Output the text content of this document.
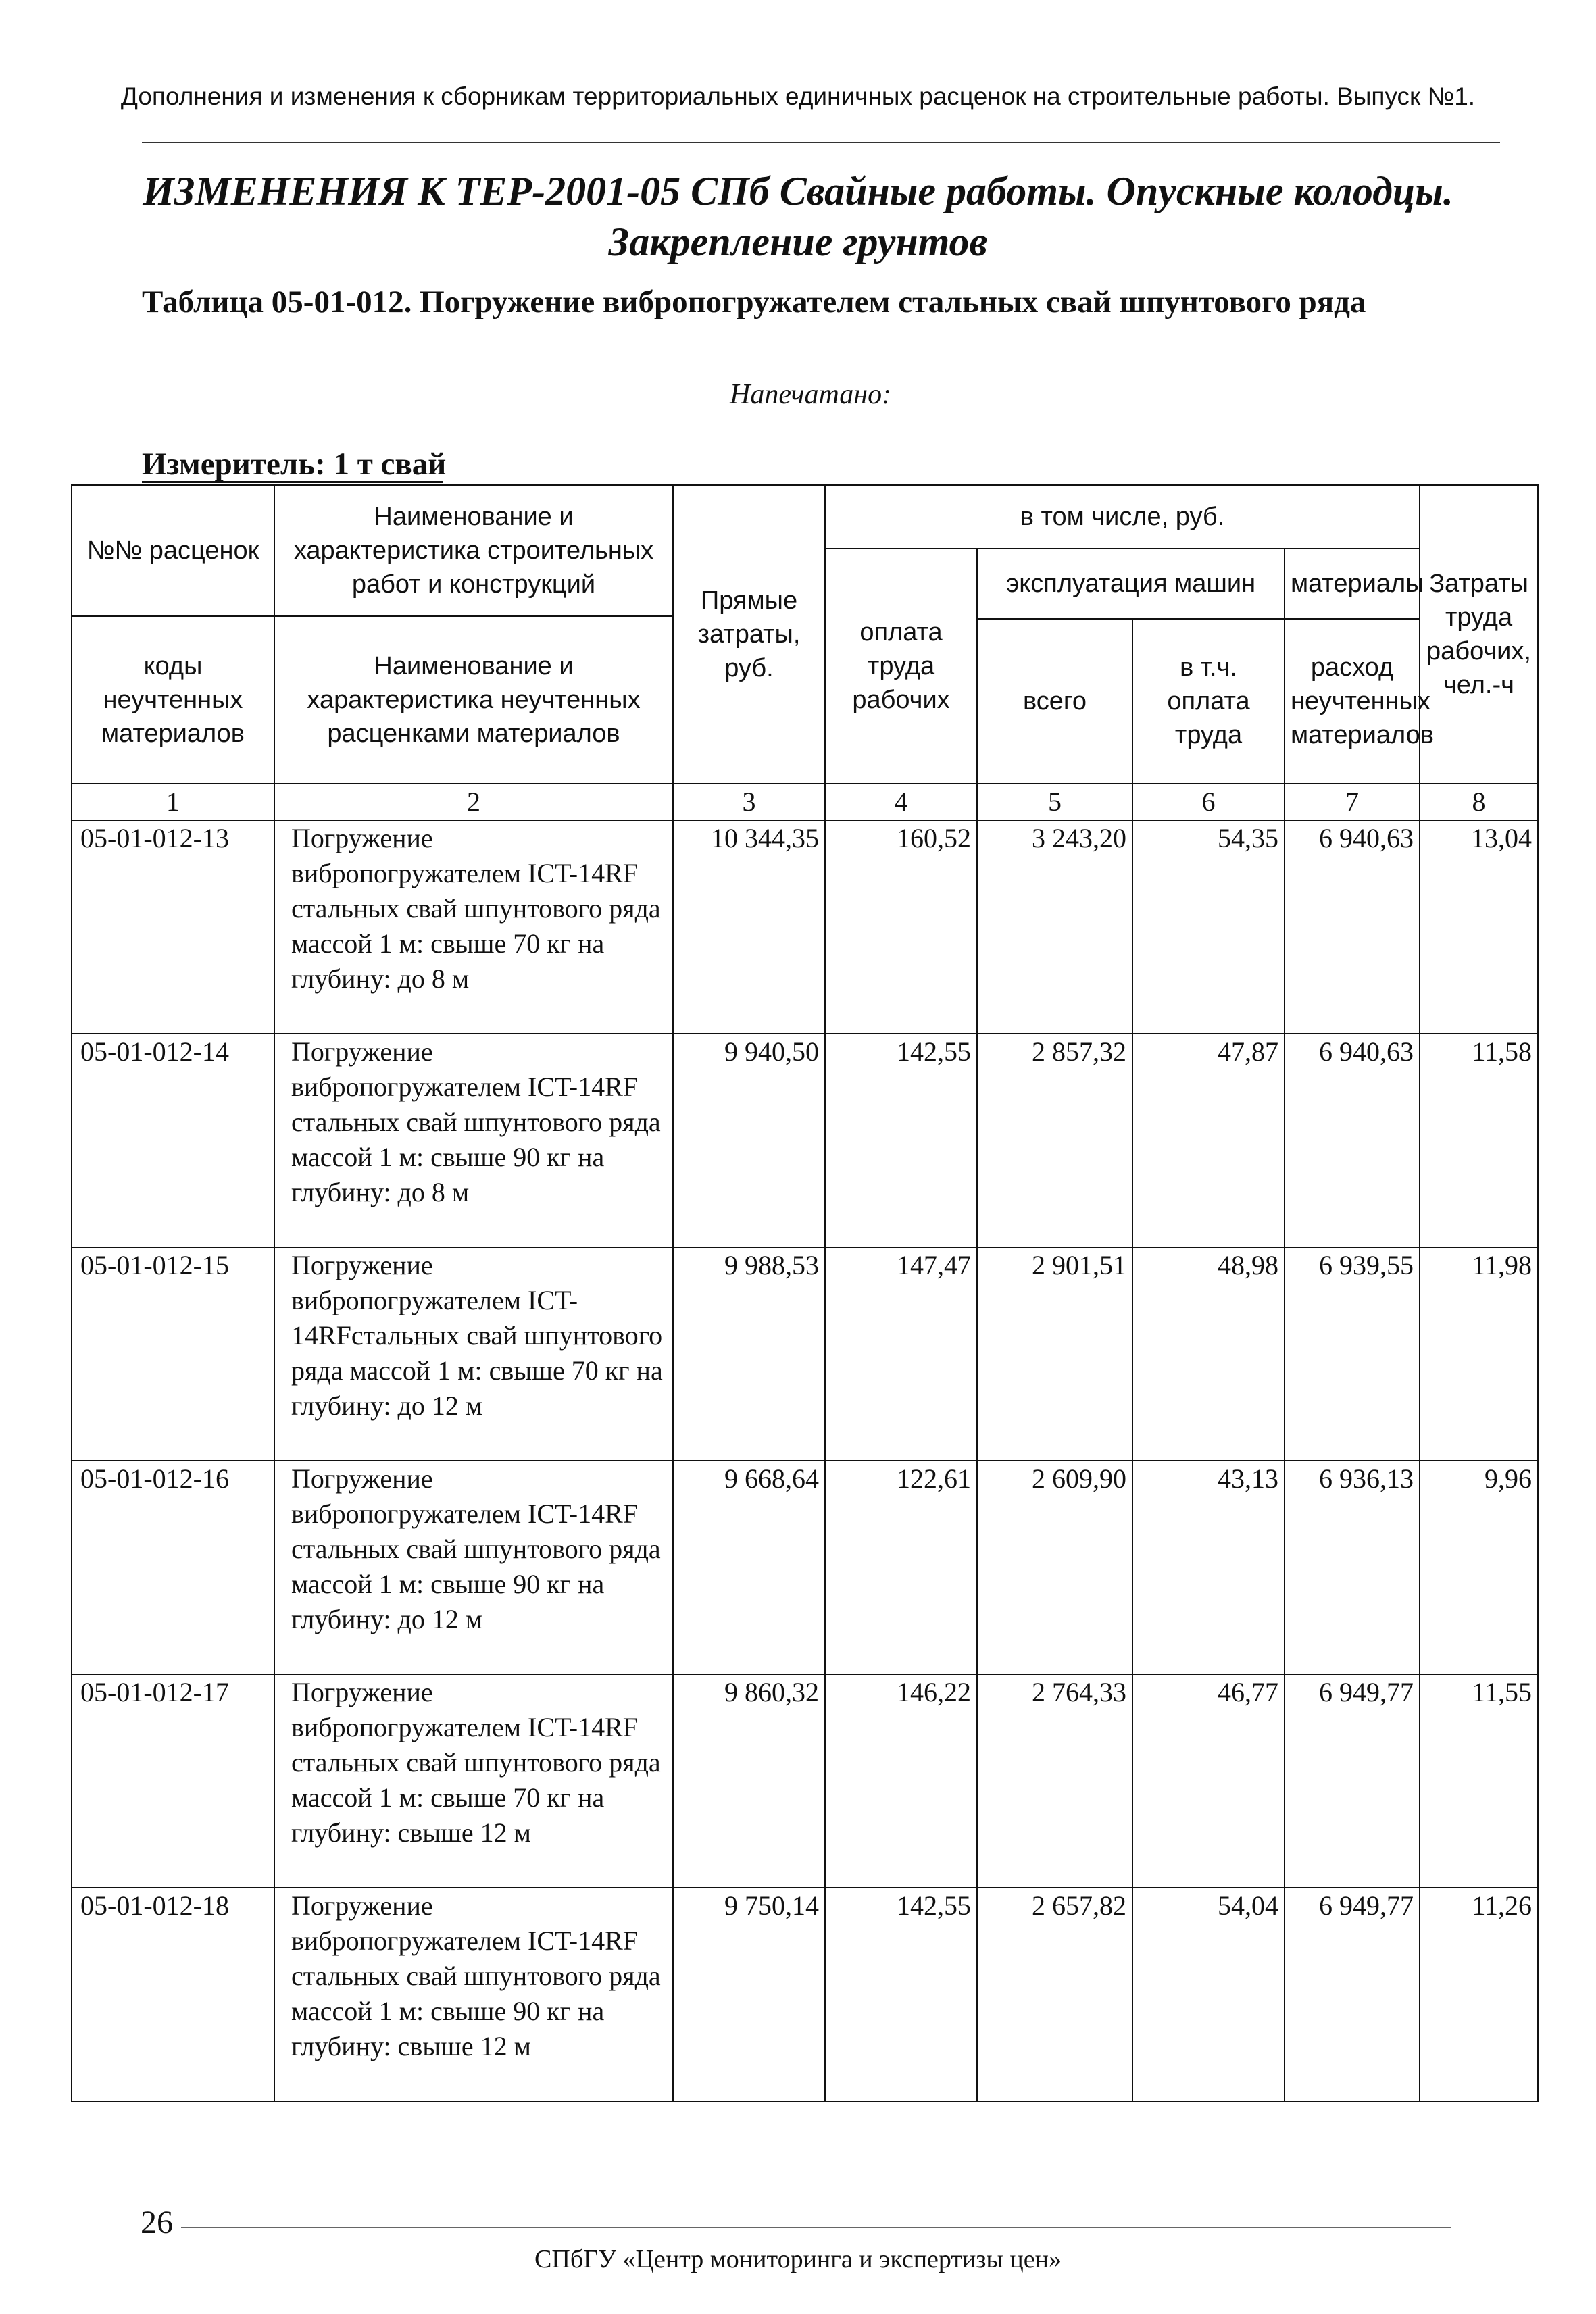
Дополнения и изменения к сборникам территориальных единичных расценок на строительные работы. Выпуск №1.
ИЗМЕНЕНИЯ К ТЕР-2001-05 СПб Свайные работы. Опускные колодцы.
Закрепление грунтов
Таблица 05-01-012. Погружение вибропогружателем стальных свай шпунтового ряда
Напечатано:
Измеритель: 1 т свай
№№ расценок	Наименование и характеристика строительных работ и конструкций	Прямые затраты, руб.	в том числе, руб.				Затраты труда рабочих, чел.-ч
			оплата труда рабочих	эксплуатация машин		материалы	
коды неучтенных материалов	Наименование и характеристика неучтенных расценками материалов						
				всего	в т.ч. оплата труда	расход неучтенных материалов	
1	2	3	4	5	6	7	8
05-01-012-13	Погружение вибропогружателем ICT-14RF стальных свай шпунтового ряда массой 1 м: свыше 70 кг на глубину: до 8 м	10 344,35	160,52	3 243,20	54,35	6 940,63	13,04
05-01-012-14	Погружение вибропогружателем ICT-14RF стальных свай шпунтового ряда массой 1 м: свыше 90 кг на глубину: до 8 м	9 940,50	142,55	2 857,32	47,87	6 940,63	11,58
05-01-012-15	Погружение вибропогружателем ICT-14RFстальных свай шпунтового ряда массой 1 м: свыше 70 кг на глубину: до 12 м	9 988,53	147,47	2 901,51	48,98	6 939,55	11,98
05-01-012-16	Погружение вибропогружателем ICT-14RF стальных свай шпунтового ряда массой 1 м: свыше 90 кг на глубину: до 12 м	9 668,64	122,61	2 609,90	43,13	6 936,13	9,96
05-01-012-17	Погружение вибропогружателем ICT-14RF стальных свай шпунтового ряда массой 1 м: свыше 70 кг на глубину: свыше 12 м	9 860,32	146,22	2 764,33	46,77	6 949,77	11,55
05-01-012-18	Погружение вибропогружателем ICT-14RF стальных свай шпунтового ряда массой 1 м: свыше 90 кг на глубину: свыше 12 м	9 750,14	142,55	2 657,82	54,04	6 949,77	11,26
26
СПбГУ «Центр мониторинга и экспертизы цен»
